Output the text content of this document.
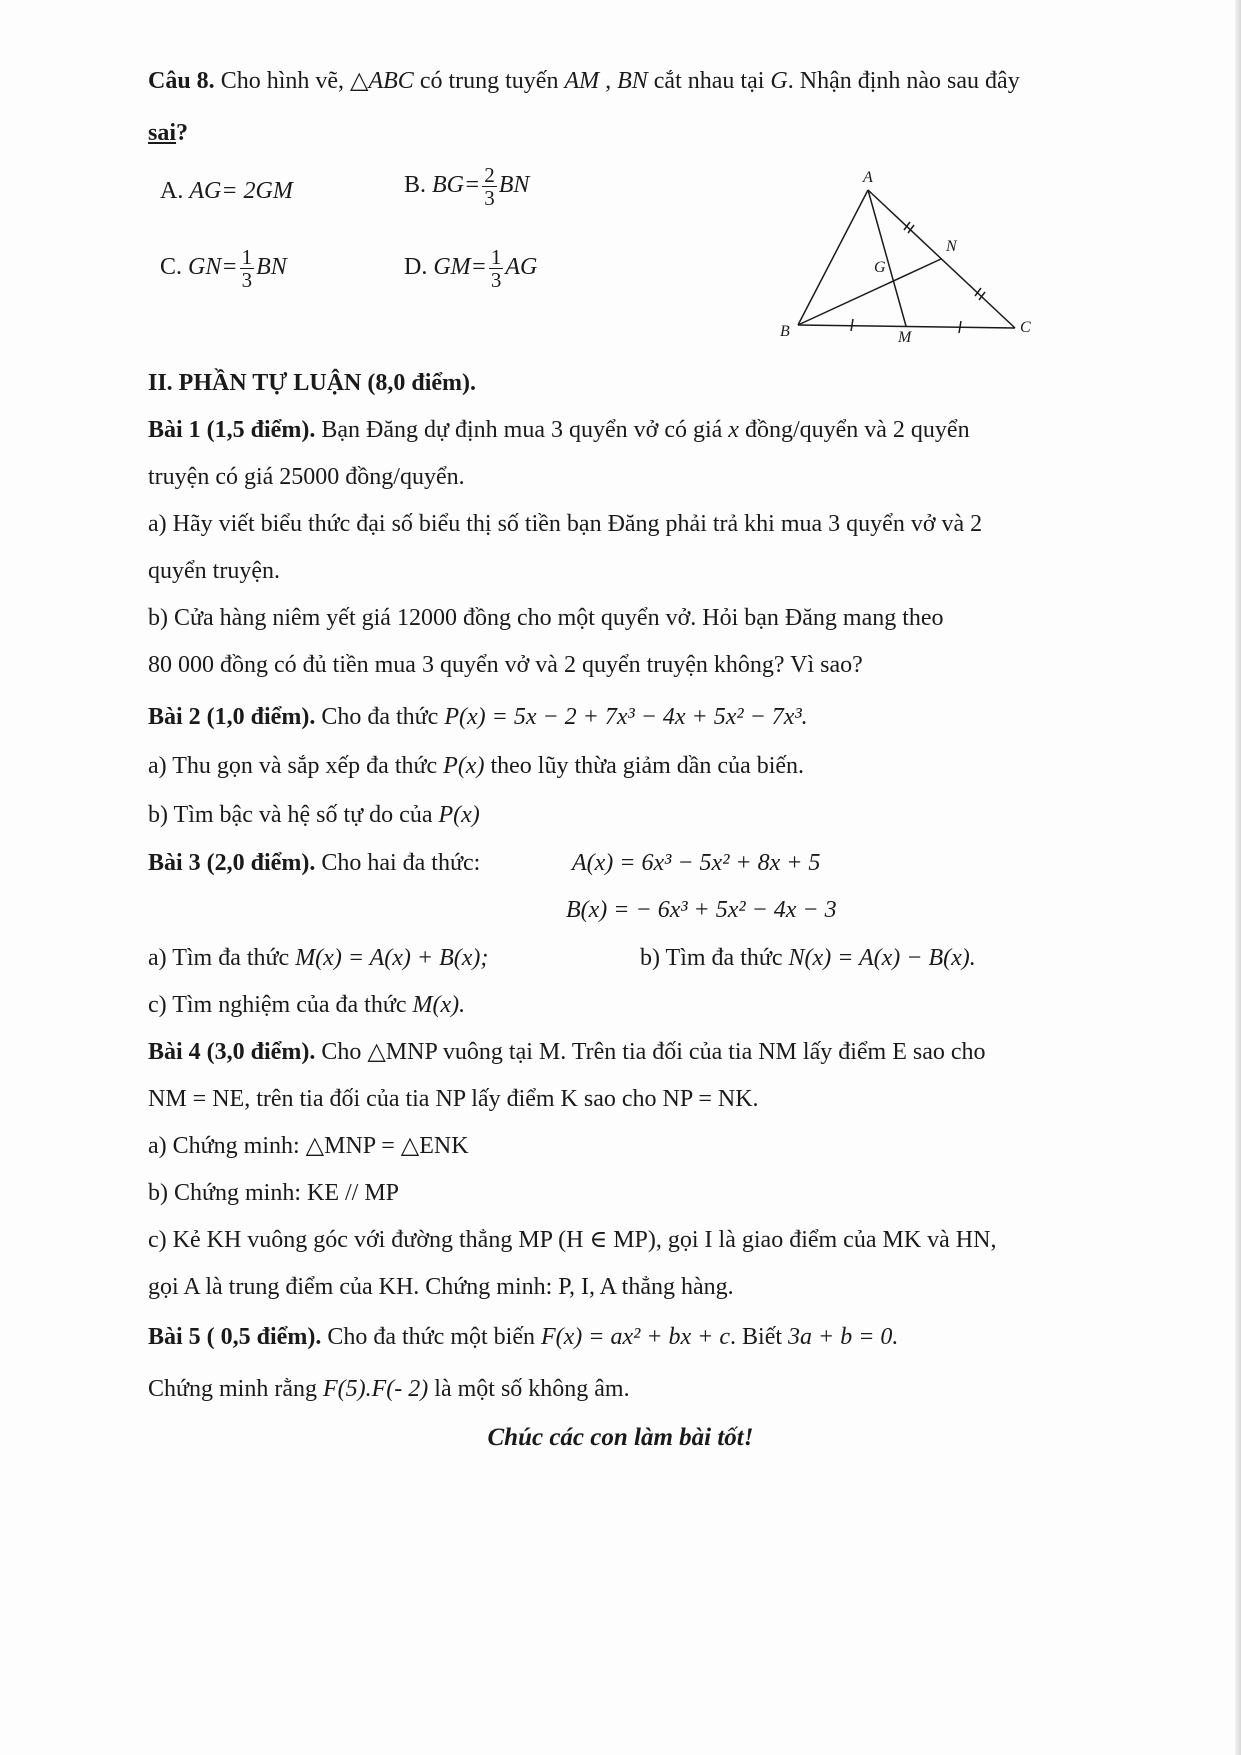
Câu 8. Cho hình vẽ, △ABC có trung tuyến AM , BN cắt nhau tại G. Nhận định nào sau đây
sai?
A. AG= 2GM	B. $BG= \frac{2}{3}$ BN
C. $GN= \frac{1}{3}$ BN	D. $GM= \frac{1}{3}$ AG
A
B	C
M
N
G
II. PHẦN TỰ LUẬN (8,0 điểm).
Bài 1 (1,5 điểm). Bạn Đăng dự định mua 3 quyển vở có giá x đồng/quyển và 2 quyển
truyện có giá 25000 đồng/quyển.
a) Hãy viết biểu thức đại số biểu thị số tiền bạn Đăng phải trả khi mua 3 quyển vở và 2
quyển truyện.
b) Cửa hàng niêm yết giá 12000 đồng cho một quyển vở. Hỏi bạn Đăng mang theo
80 000 đồng có đủ tiền mua 3 quyển vở và 2 quyển truyện không? Vì sao?
Bài 2 (1,0 điểm). Cho đa thức P(x) = 5x − 2 + 7x³ − 4x + 5x² − 7x³.
a) Thu gọn và sắp xếp đa thức P(x) theo lũy thừa giảm dần của biến.
b) Tìm bậc và hệ số tự do của P(x)
Bài 3 (2,0 điểm). Cho hai đa thức:	A(x) = 6x³ − 5x² + 8x + 5
B(x) = − 6x³ + 5x² − 4x − 3
a) Tìm đa thức M(x) = A(x) + B(x);	b) Tìm đa thức N(x) = A(x) − B(x).
c) Tìm nghiệm của đa thức M(x).
Bài 4 (3,0 điểm). Cho △MNP vuông tại M. Trên tia đối của tia NM lấy điểm E sao cho
NM = NE, trên tia đối của tia NP lấy điểm K sao cho NP = NK.
a) Chứng minh: △MNP = △ENK
b) Chứng minh: KE // MP
c) Kẻ KH vuông góc với đường thẳng MP (H ∈ MP), gọi I là giao điểm của MK và HN,
gọi A là trung điểm của KH. Chứng minh: P, I, A thẳng hàng.
Bài 5 ( 0,5 điểm). Cho đa thức một biến F(x) = ax² + bx + c. Biết 3a + b = 0.
Chứng minh rằng F(5).F(- 2) là một số không âm.
Chúc các con làm bài tốt!
